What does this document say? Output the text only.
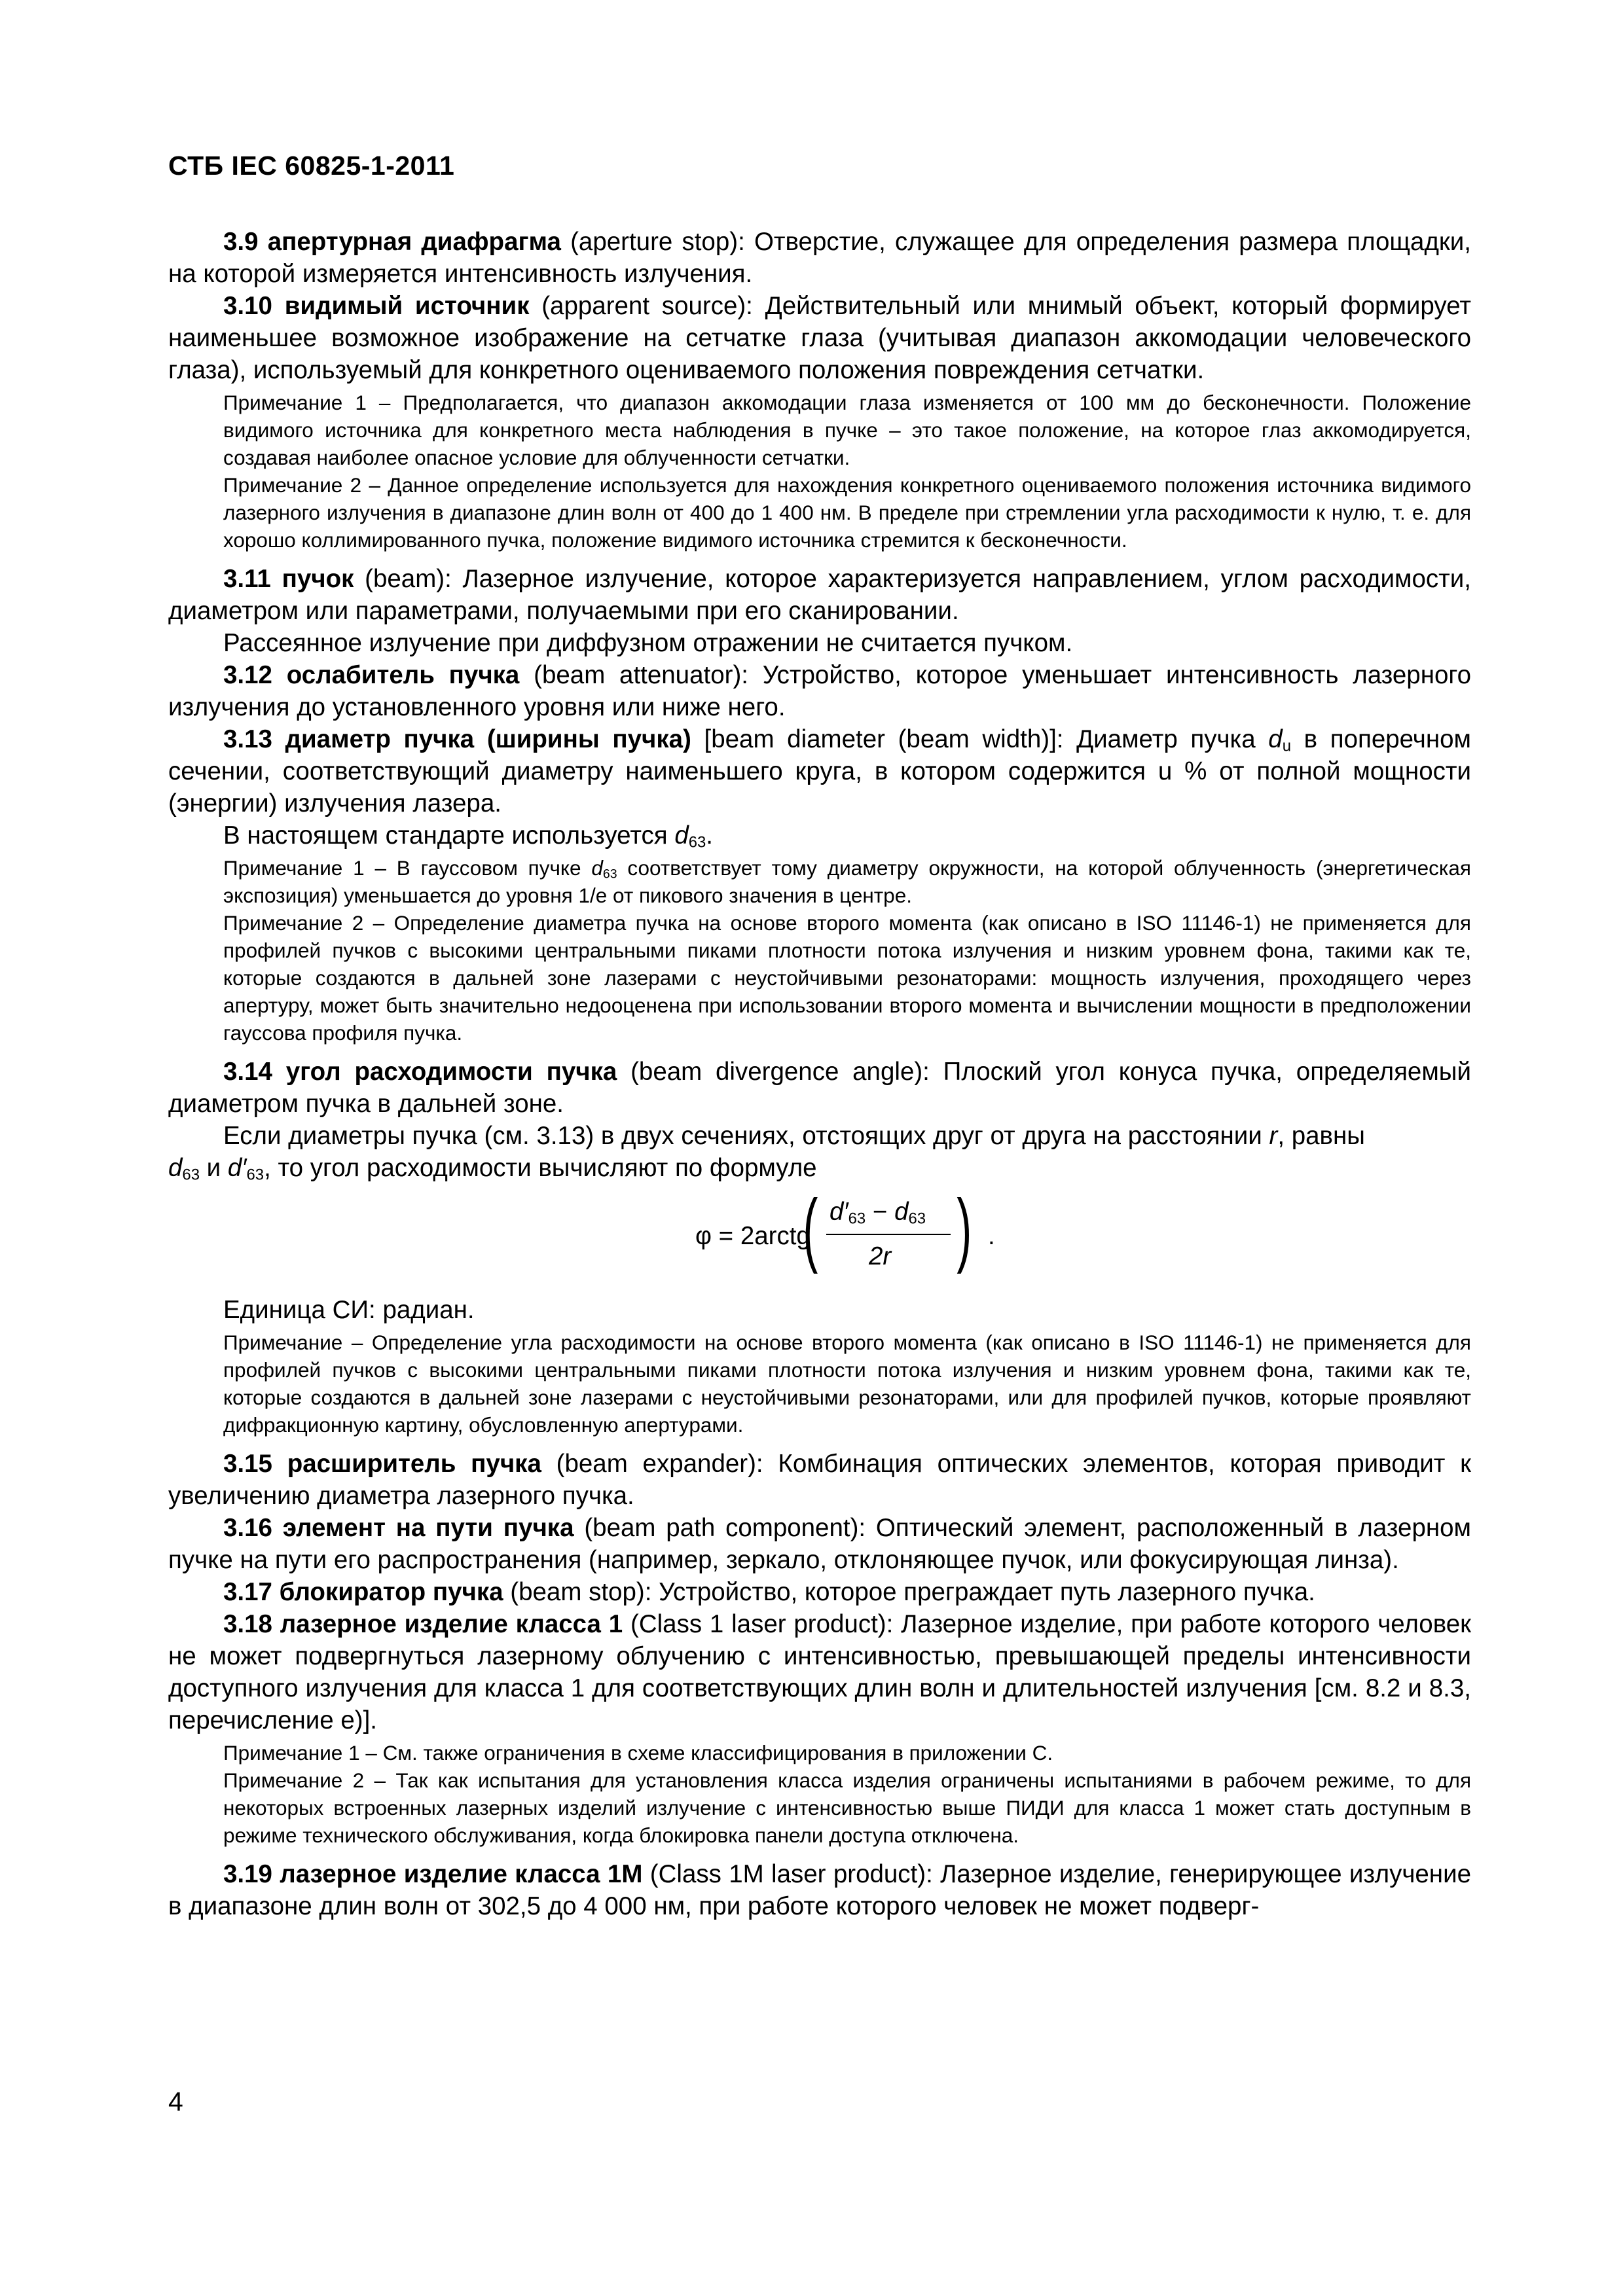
СТБ IEC 60825-1-2011

3.9 апертурная диафрагма (aperture stop): Отверстие, служащее для определения размера площадки, на которой измеряется интенсивность излучения.

3.10 видимый источник (apparent source): Действительный или мнимый объект, который формирует наименьшее возможное изображение на сетчатке глаза (учитывая диапазон аккомодации человеческого глаза), используемый для конкретного оцениваемого положения повреждения сетчатки.

Примечание 1 – Предполагается, что диапазон аккомодации глаза изменяется от 100 мм до бесконечности. Положение видимого источника для конкретного места наблюдения в пучке – это такое положение, на которое глаз аккомодируется, создавая наиболее опасное условие для облученности сетчатки.

Примечание 2 – Данное определение используется для нахождения конкретного оцениваемого положения источника видимого лазерного излучения в диапазоне длин волн от 400 до 1 400 нм. В пределе при стремлении угла расходимости к нулю, т. е. для хорошо коллимированного пучка, положение видимого источника стремится к бесконечности.

3.11 пучок (beam): Лазерное излучение, которое характеризуется направлением, углом расходимости, диаметром или параметрами, получаемыми при его сканировании.

Рассеянное излучение при диффузном отражении не считается пучком.

3.12 ослабитель пучка (beam attenuator): Устройство, которое уменьшает интенсивность лазерного излучения до установленного уровня или ниже него.

3.13 диаметр пучка (ширины пучка) [beam diameter (beam width)]: Диаметр пучка $d_u$ в поперечном сечении, соответствующий диаметру наименьшего круга, в котором содержится u % от полной мощности (энергии) излучения лазера.

В настоящем стандарте используется $d_{63}$.

Примечание 1 – В гауссовом пучке $d_{63}$ соответствует тому диаметру окружности, на которой облученность (энергетическая экспозиция) уменьшается до уровня 1/e от пикового значения в центре.

Примечание 2 – Определение диаметра пучка на основе второго момента (как описано в ISO 11146-1) не применяется для профилей пучков с высокими центральными пиками плотности потока излучения и низким уровнем фона, такими как те, которые создаются в дальней зоне лазерами с неустойчивыми резонаторами: мощность излучения, проходящего через апертуру, может быть значительно недооценена при использовании второго момента и вычислении мощности в предположении гауссова профиля пучка.

3.14 угол расходимости пучка (beam divergence angle): Плоский угол конуса пучка, определяемый диаметром пучка в дальней зоне.

Если диаметры пучка (см. 3.13) в двух сечениях, отстоящих друг от друга на расстоянии r, равны
$d_{63}$ и $d'_{63}$, то угол расходимости вычисляют по формуле

φ = 2arctg
( $d'_{63} - d_{63}$
2r ) .

Единица СИ: радиан.

Примечание – Определение угла расходимости на основе второго момента (как описано в ISO 11146-1) не применяется для профилей пучков с высокими центральными пиками плотности потока излучения и низким уровнем фона, такими как те, которые создаются в дальней зоне лазерами с неустойчивыми резонаторами, или для профилей пучков, которые проявляют дифракционную картину, обусловленную апертурами.

3.15 расширитель пучка (beam expander): Комбинация оптических элементов, которая приводит к увеличению диаметра лазерного пучка.

3.16 элемент на пути пучка (beam path component): Оптический элемент, расположенный в лазерном пучке на пути его распространения (например, зеркало, отклоняющее пучок, или фокусирующая линза).

3.17 блокиратор пучка (beam stop): Устройство, которое преграждает путь лазерного пучка.

3.18 лазерное изделие класса 1 (Class 1 laser product): Лазерное изделие, при работе которого человек не может подвергнуться лазерному облучению с интенсивностью, превышающей пределы интенсивности доступного излучения для класса 1 для соответствующих длин волн и длительностей излучения [см. 8.2 и 8.3, перечисление e)].

Примечание 1 – См. также ограничения в схеме классифицирования в приложении С.

Примечание 2 – Так как испытания для установления класса изделия ограничены испытаниями в рабочем режиме, то для некоторых встроенных лазерных изделий излучение с интенсивностью выше ПИДИ для класса 1 может стать доступным в режиме технического обслуживания, когда блокировка панели доступа отключена.

3.19 лазерное изделие класса 1М (Class 1M laser product): Лазерное изделие, генерирующее излучение в диапазоне длин волн от 302,5 до 4 000 нм, при работе которого человек не может подверг-

4
